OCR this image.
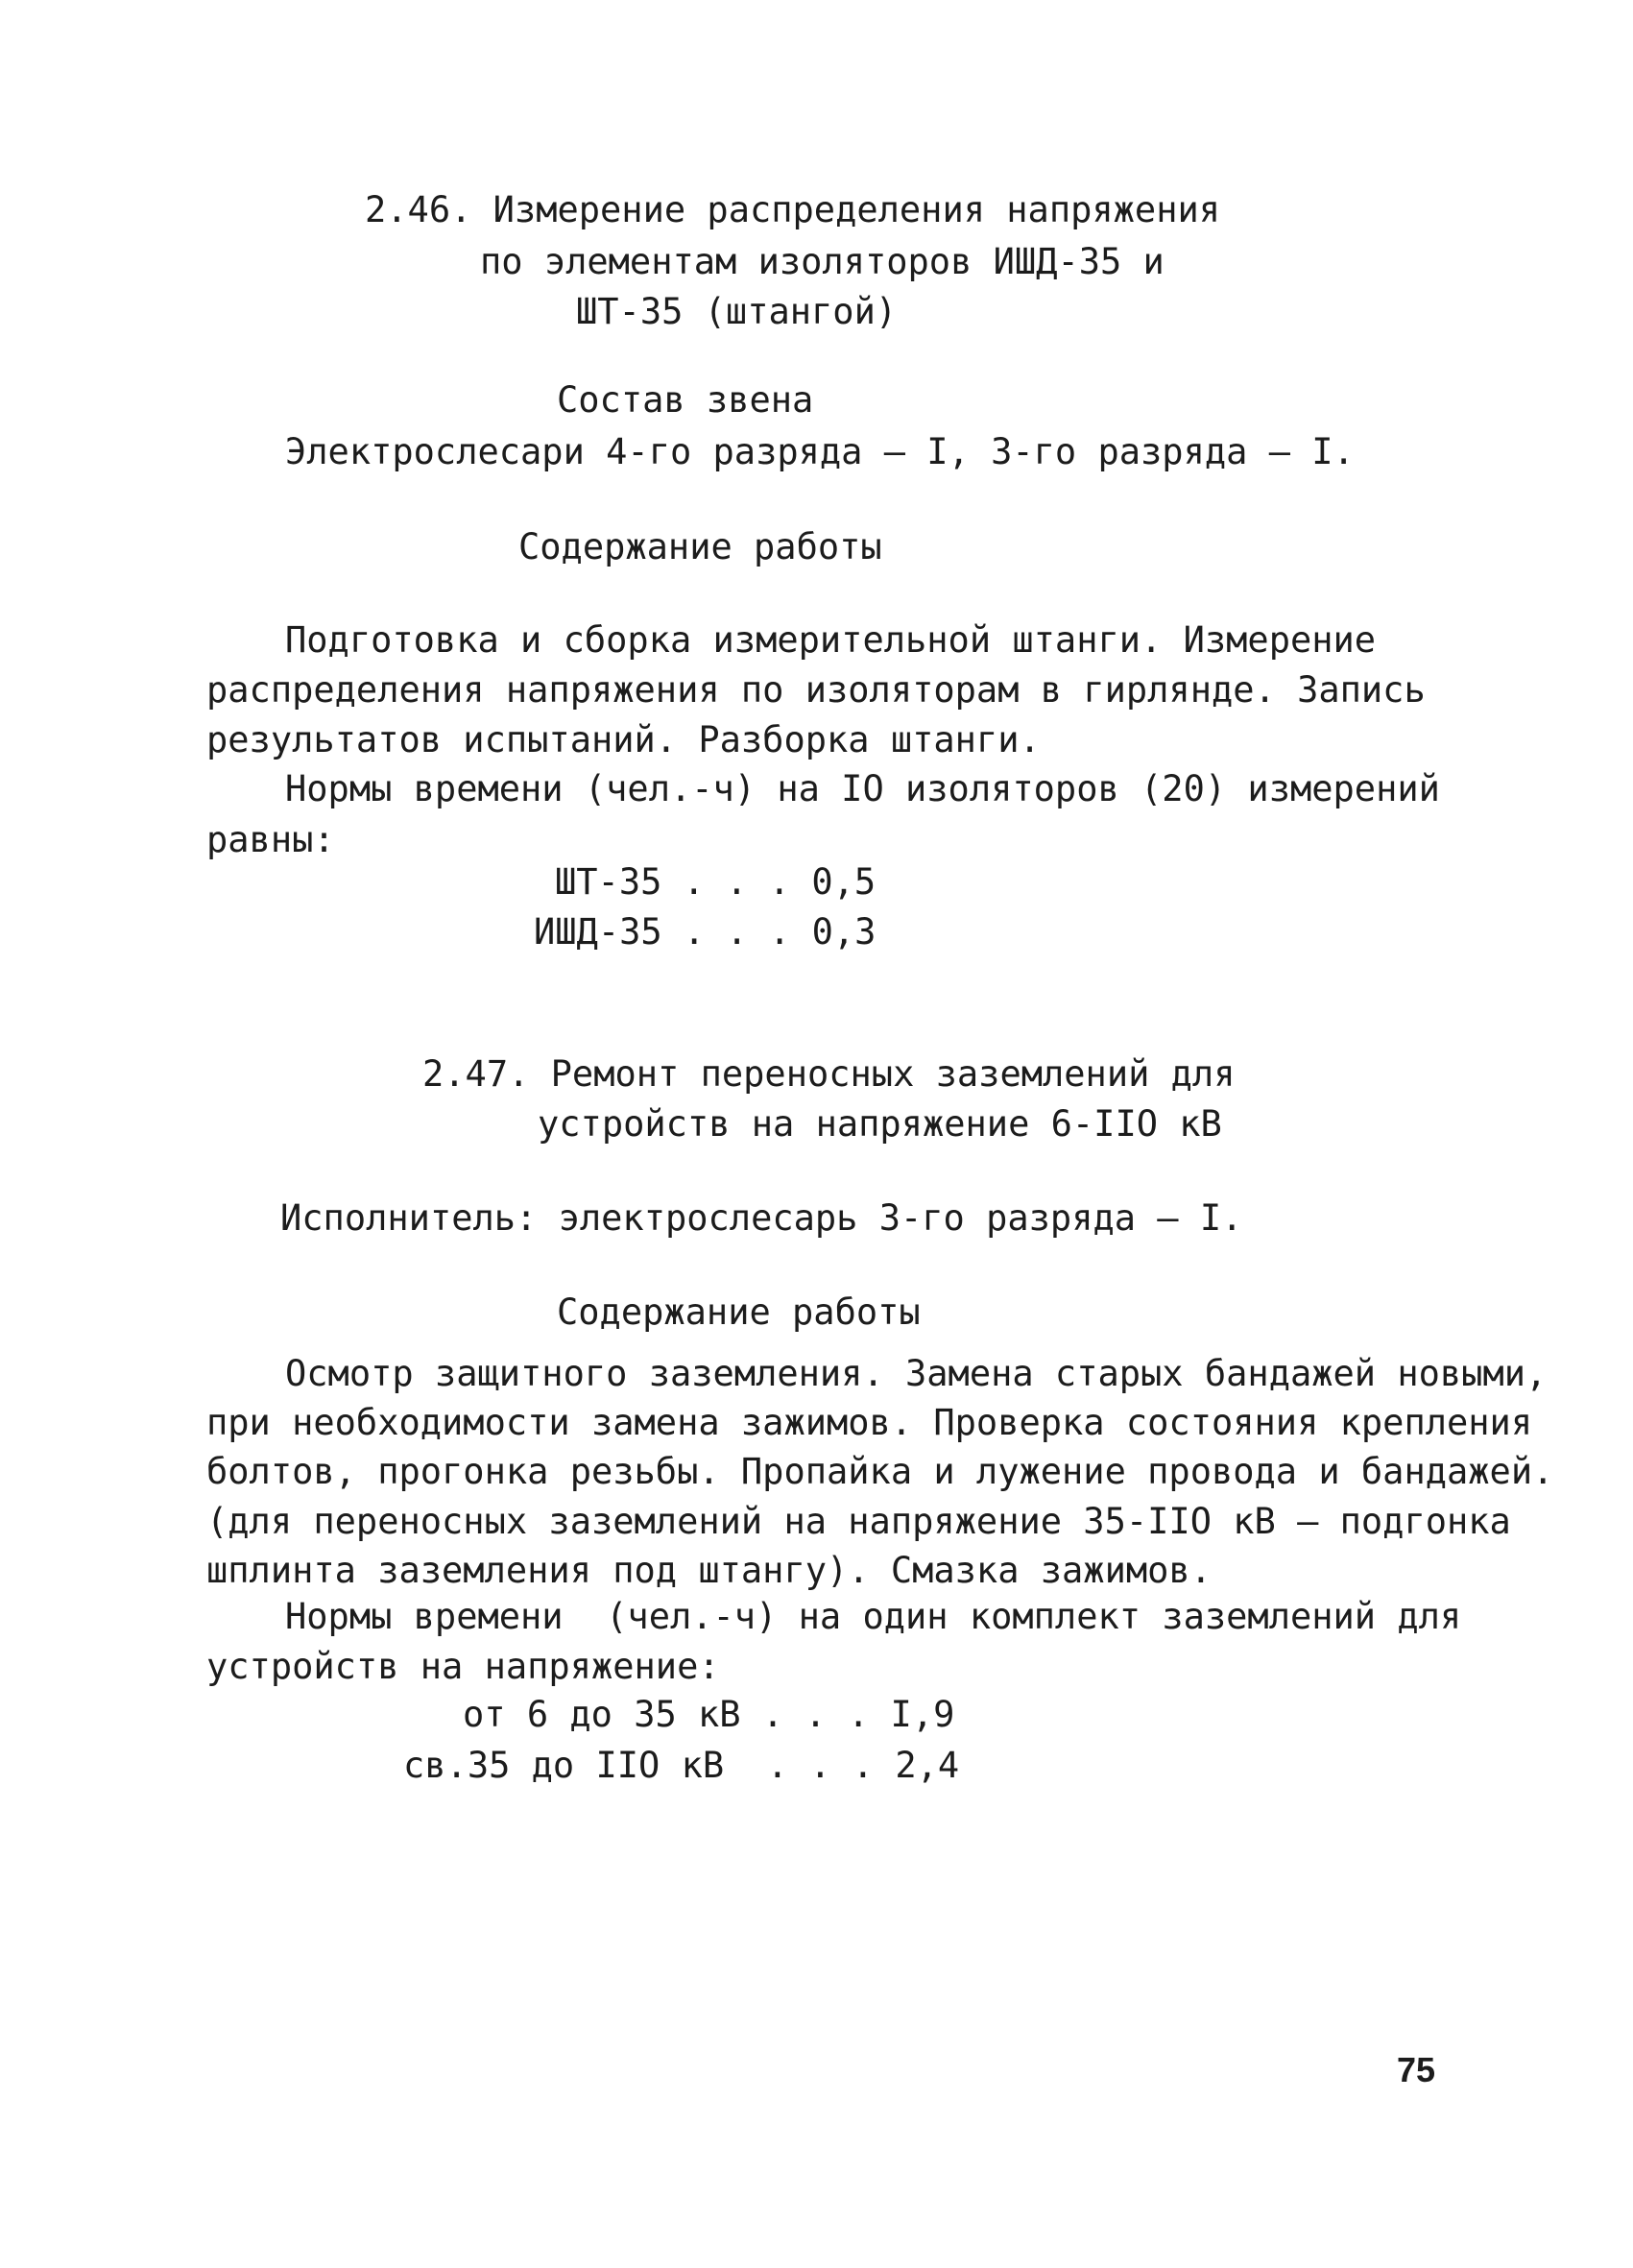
2.46. Измерение распределения напряжения
по элементам изоляторов ИШД-35 и
ШТ-35 (штангой)
Состав звена
Электрослесари 4-го разряда – I, 3-го разряда – I.
Содержание работы

Подготовка и сборка измерительной штанги. Измерение

распределения напряжения по изоляторам в гирлянде. Запись

результатов испытаний. Разборка штанги.

Нормы времени (чел.-ч) на IO изоляторов (20) измерений

равны:

ШТ-35 . . . 0,5
ИШД-35 . . . 0,3
2.47. Ремонт переносных заземлений для
устройств на напряжение 6-IIO кВ
Исполнитель: электрослесарь 3-го разряда – I.
Содержание работы

Осмотр защитного заземления. Замена старых бандажей новыми,

при необходимости замена зажимов. Проверка состояния крепления

болтов, прогонка резьбы. Пропайка и лужение провода и бандажей.

(для переносных заземлений на напряжение 35-IIO кВ – подгонка

шплинта заземления под штангу). Смазка зажимов.

Нормы времени  (чел.-ч) на один комплект заземлений для

устройств на напряжение:

от 6 до 35 кВ . . . I,9
св.35 до IIO кВ  . . . 2,4
75
